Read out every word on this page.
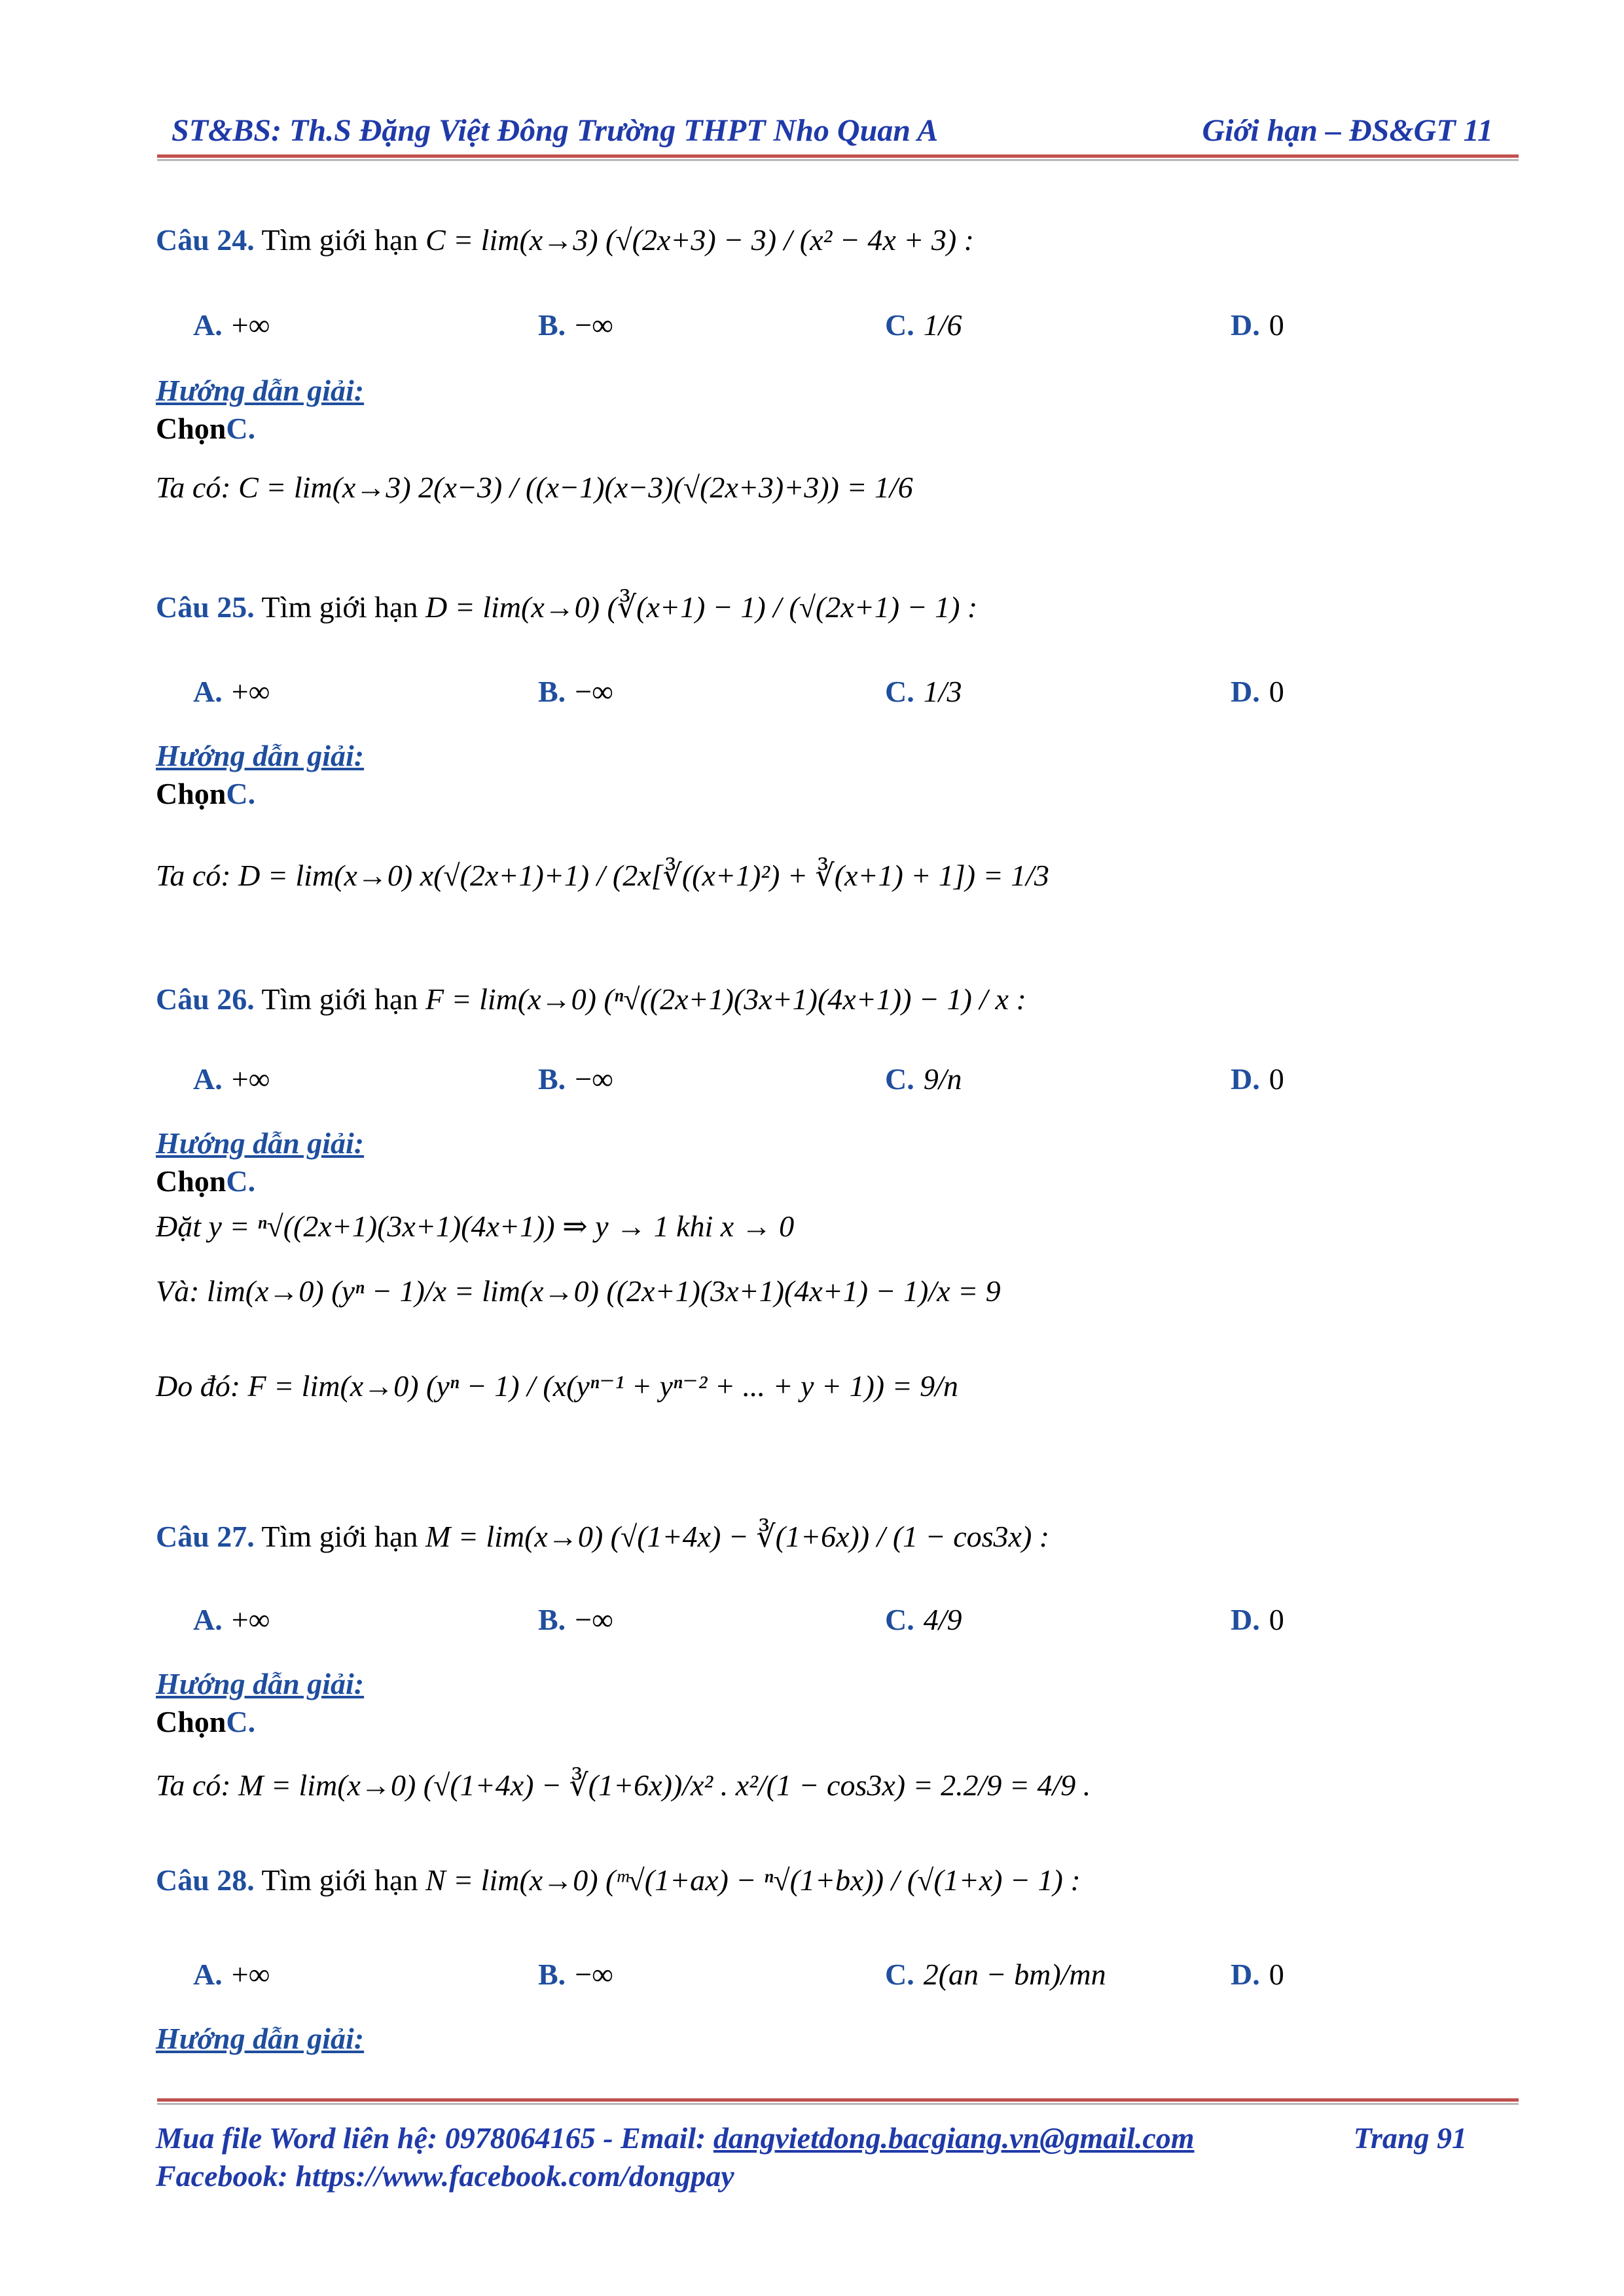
ST&BS: Th.S Đặng Việt Đông Trường THPT Nho Quan A	Giới hạn – ĐS&GT 11
Câu 24. Tìm giới hạn C = lim(x→3) (√(2x+3) − 3) / (x² − 4x + 3) :
A. +∞	B. −∞	C. 1/6	D. 0
Hướng dẫn giải:
ChọnC.
Ta có: C = lim(x→3) 2(x−3) / ((x−1)(x−3)(√(2x+3)+3)) = 1/6
Câu 25. Tìm giới hạn D = lim(x→0) (∛(x+1) − 1) / (√(2x+1) − 1) :
A. +∞	B. −∞	C. 1/3	D. 0
Hướng dẫn giải:
ChọnC.
Ta có: D = lim(x→0) x(√(2x+1)+1) / (2x[∛((x+1)²) + ∛(x+1) + 1]) = 1/3
Câu 26. Tìm giới hạn F = lim(x→0) (ⁿ√((2x+1)(3x+1)(4x+1)) − 1) / x :
A. +∞	B. −∞	C. 9/n	D. 0
Hướng dẫn giải:
ChọnC.
Đặt y = ⁿ√((2x+1)(3x+1)(4x+1)) ⇒ y → 1 khi x → 0
Và: lim(x→0) (yⁿ − 1)/x = lim(x→0) ((2x+1)(3x+1)(4x+1) − 1)/x = 9
Do đó: F = lim(x→0) (yⁿ − 1) / (x(yⁿ⁻¹ + yⁿ⁻² + ... + y + 1)) = 9/n
Câu 27. Tìm giới hạn M = lim(x→0) (√(1+4x) − ∛(1+6x)) / (1 − cos3x) :
A. +∞	B. −∞	C. 4/9	D. 0
Hướng dẫn giải:
ChọnC.
Ta có: M = lim(x→0) (√(1+4x) − ∛(1+6x))/x² . x²/(1 − cos3x) = 2.2/9 = 4/9 .
Câu 28. Tìm giới hạn N = lim(x→0) (ᵐ√(1+ax) − ⁿ√(1+bx)) / (√(1+x) − 1) :
A. +∞	B. −∞	C. 2(an − bm)/mn	D. 0
Hướng dẫn giải:
Mua file Word liên hệ: 0978064165 - Email: dangvietdong.bacgiang.vn@gmail.com	Trang 91
Facebook: https://www.facebook.com/dongpay
